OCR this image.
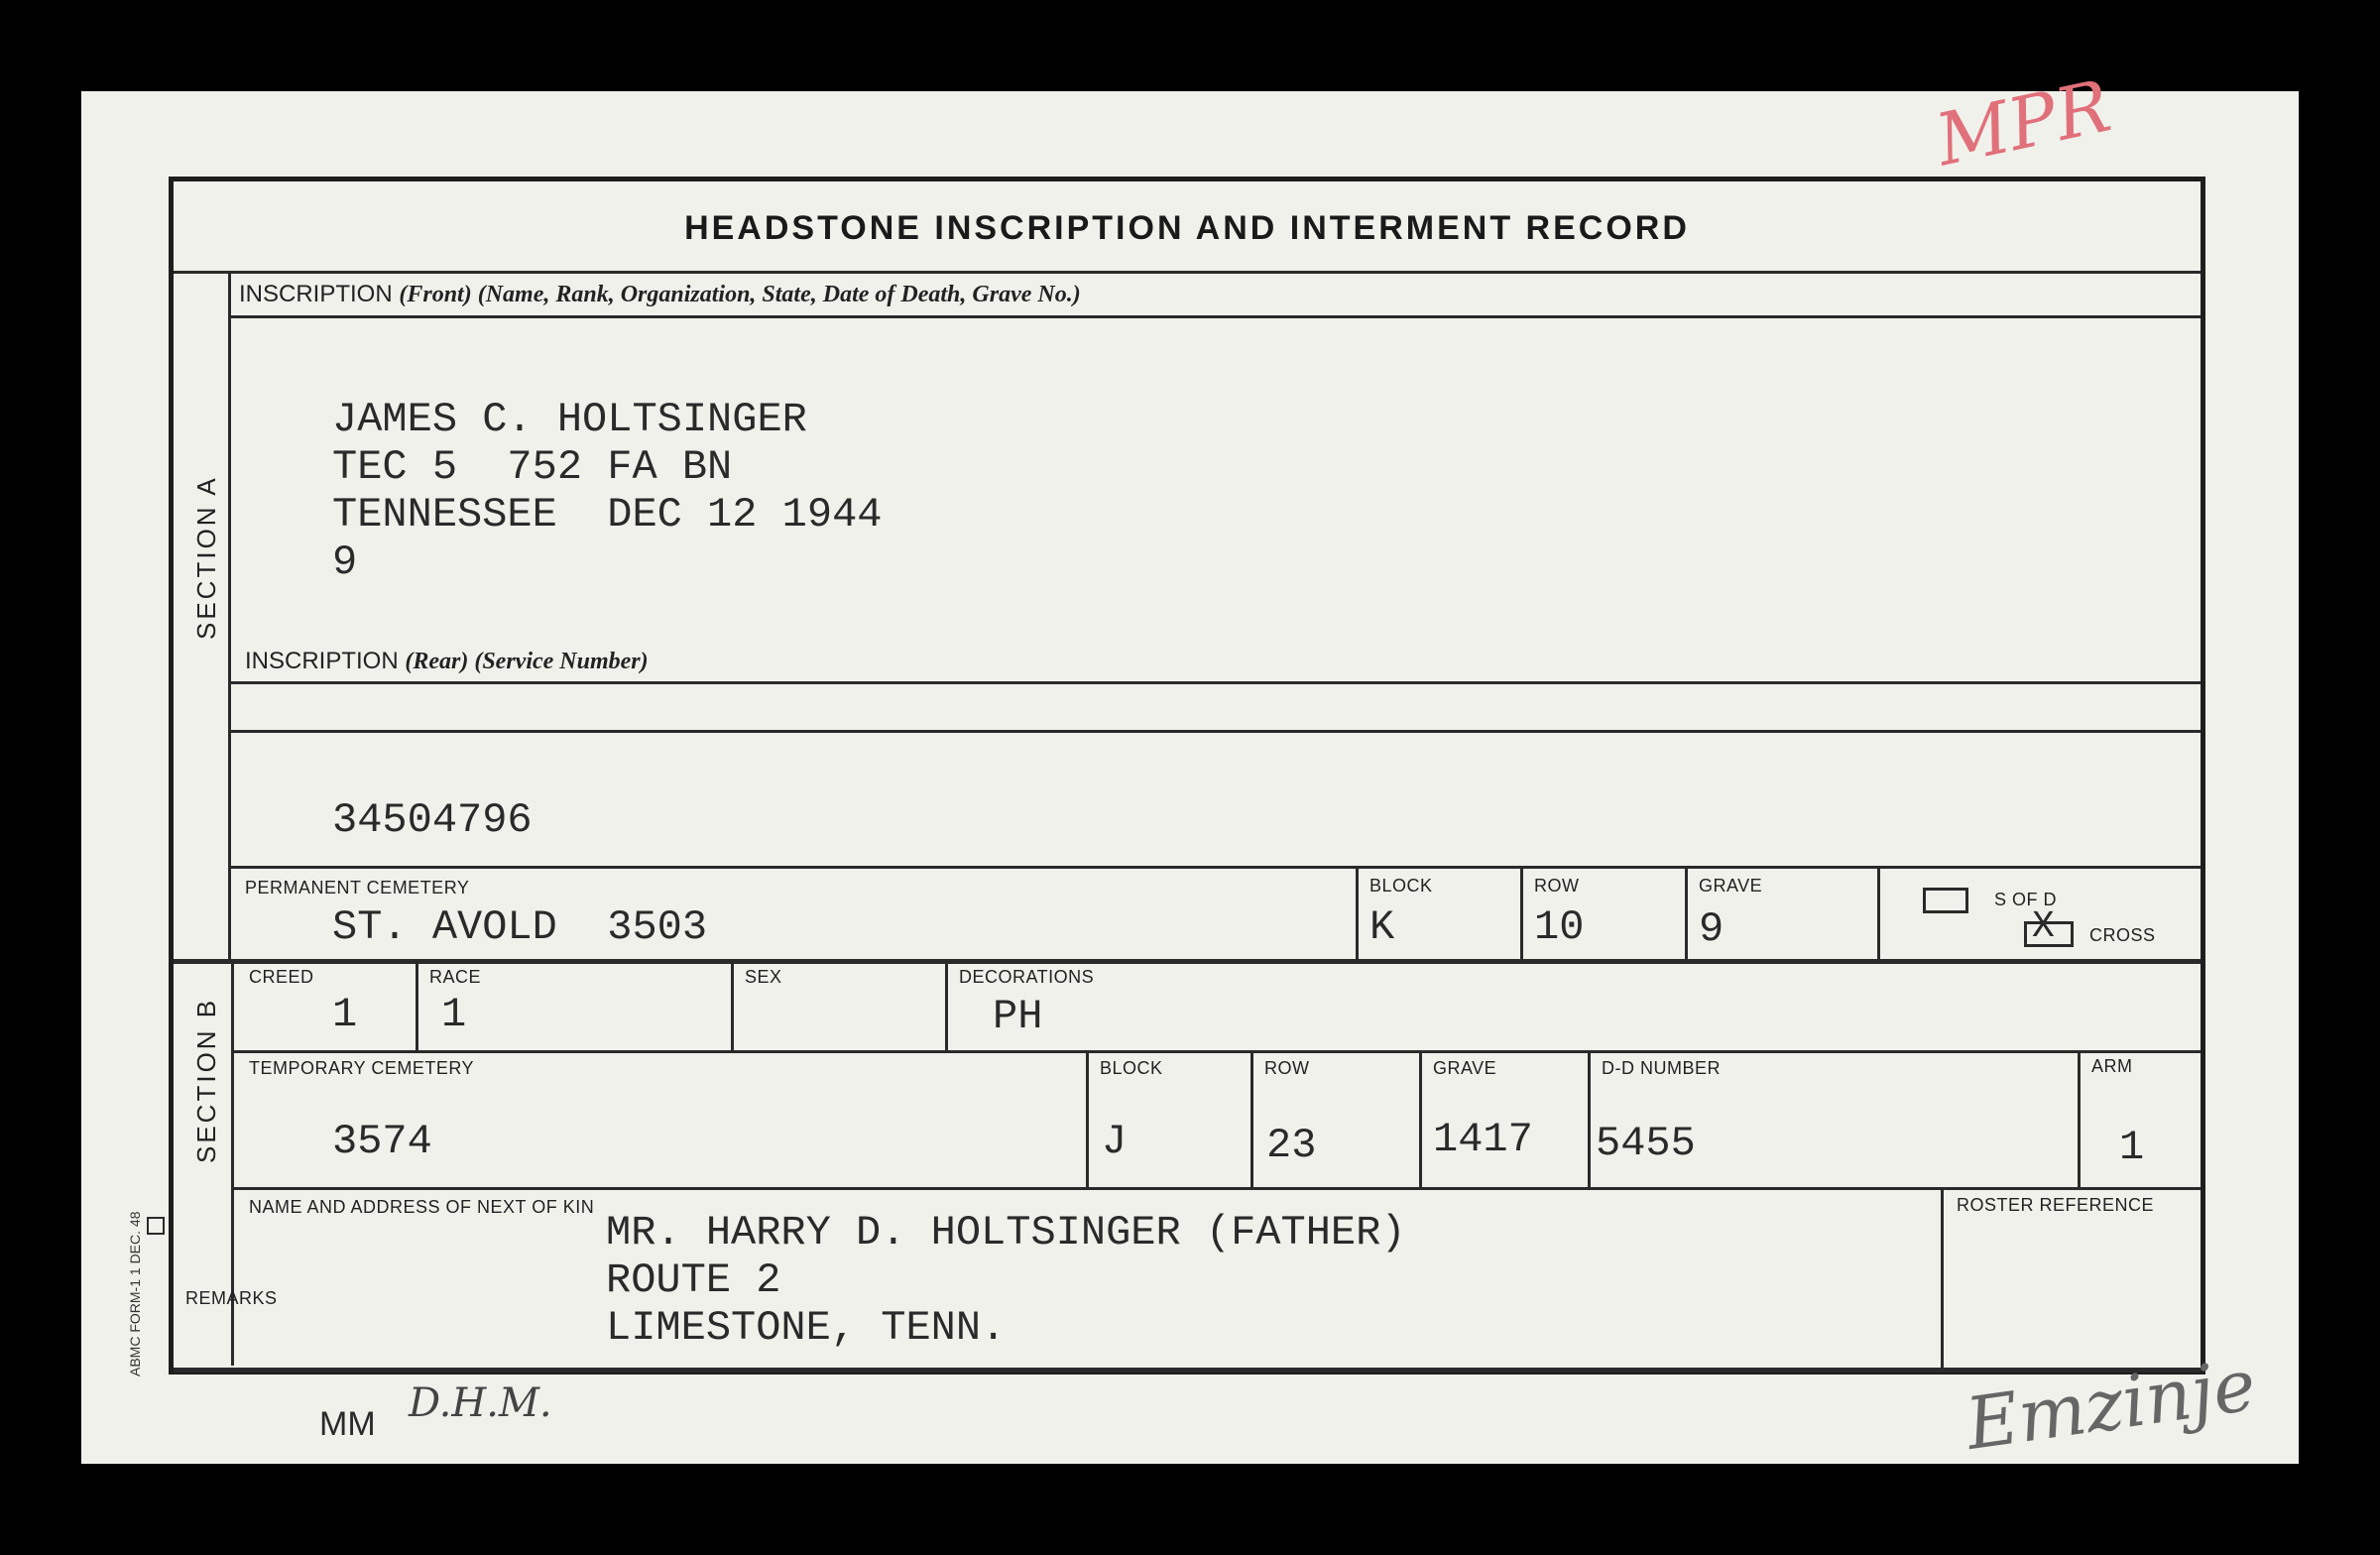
MPR
HEADSTONE INSCRIPTION AND INTERMENT RECORD
SECTION A
SECTION B
INSCRIPTION (Front) (Name, Rank, Organization, State, Date of Death, Grave No.)
JAMES C. HOLTSINGER
TEC 5  752 FA BN
TENNESSEE  DEC 12 1944
9
INSCRIPTION (Rear) (Service Number)
34504796
PERMANENT CEMETERY
ST. AVOLD  3503
BLOCK
K
ROW
10
GRAVE
9
S OF D
X CROSS
CREED
1
RACE
1
SEX	DECORATIONS
PH
TEMPORARY CEMETERY
3574
BLOCK
J
ROW
23
GRAVE
1417
D-D NUMBER
5455
ARM
1
NAME AND ADDRESS OF NEXT OF KIN
MR. HARRY D. HOLTSINGER (FATHER)
ROUTE 2
LIMESTONE, TENN.
ROSTER REFERENCE
REMARKS
ABMC FORM-1 1 DEC. 48
MM D.H.M.	Emzinje
